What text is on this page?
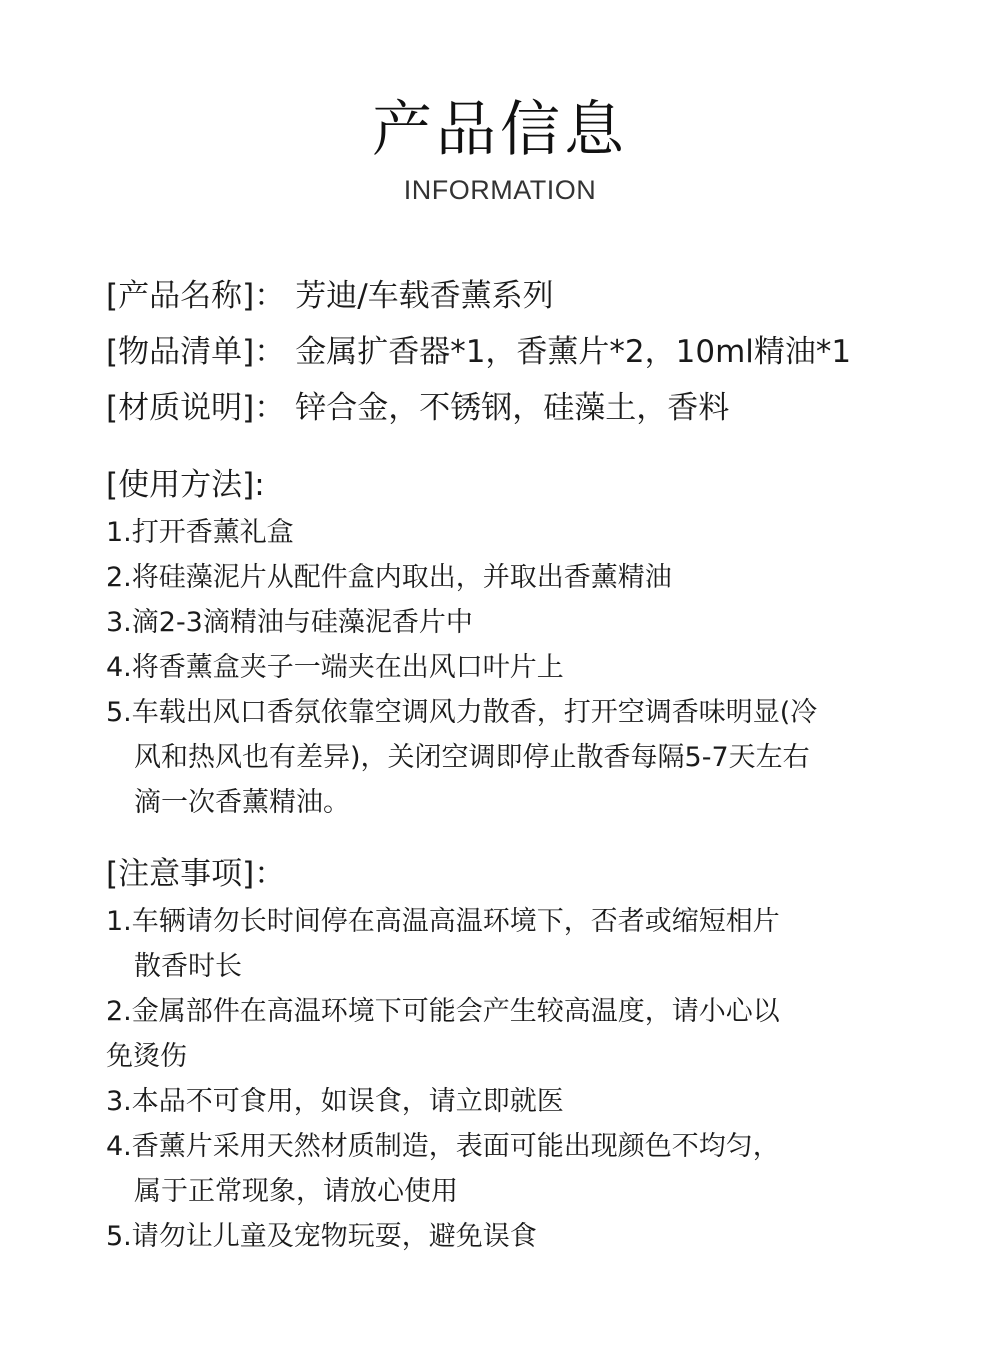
产品信息
INFORMATION
[产品名称]： 芳迪/车载香薰系列
[物品清单]： 金属扩香器*1，香薰片*2，10ml精油*1
[材质说明]： 锌合金，不锈钢，硅藻土，香料
[使用方法]:
1.打开香薰礼盒
2.将硅藻泥片从配件盒内取出，并取出香薰精油
3.滴2-3滴精油与硅藻泥香片中
4.将香薰盒夹子一端夹在出风口叶片上
5.车载出风口香氛依靠空调风力散香，打开空调香味明显(冷
风和热风也有差异)，关闭空调即停止散香每隔5-7天左右
滴一次香薰精油。
[注意事项]：
1.车辆请勿长时间停在高温高温环境下，否者或缩短相片
散香时长
2.金属部件在高温环境下可能会产生较高温度，请小心以
免烫伤
3.本品不可食用，如误食，请立即就医
4.香薰片采用天然材质制造，表面可能出现颜色不均匀，
属于正常现象，请放心使用
5.请勿让儿童及宠物玩耍，避免误食
